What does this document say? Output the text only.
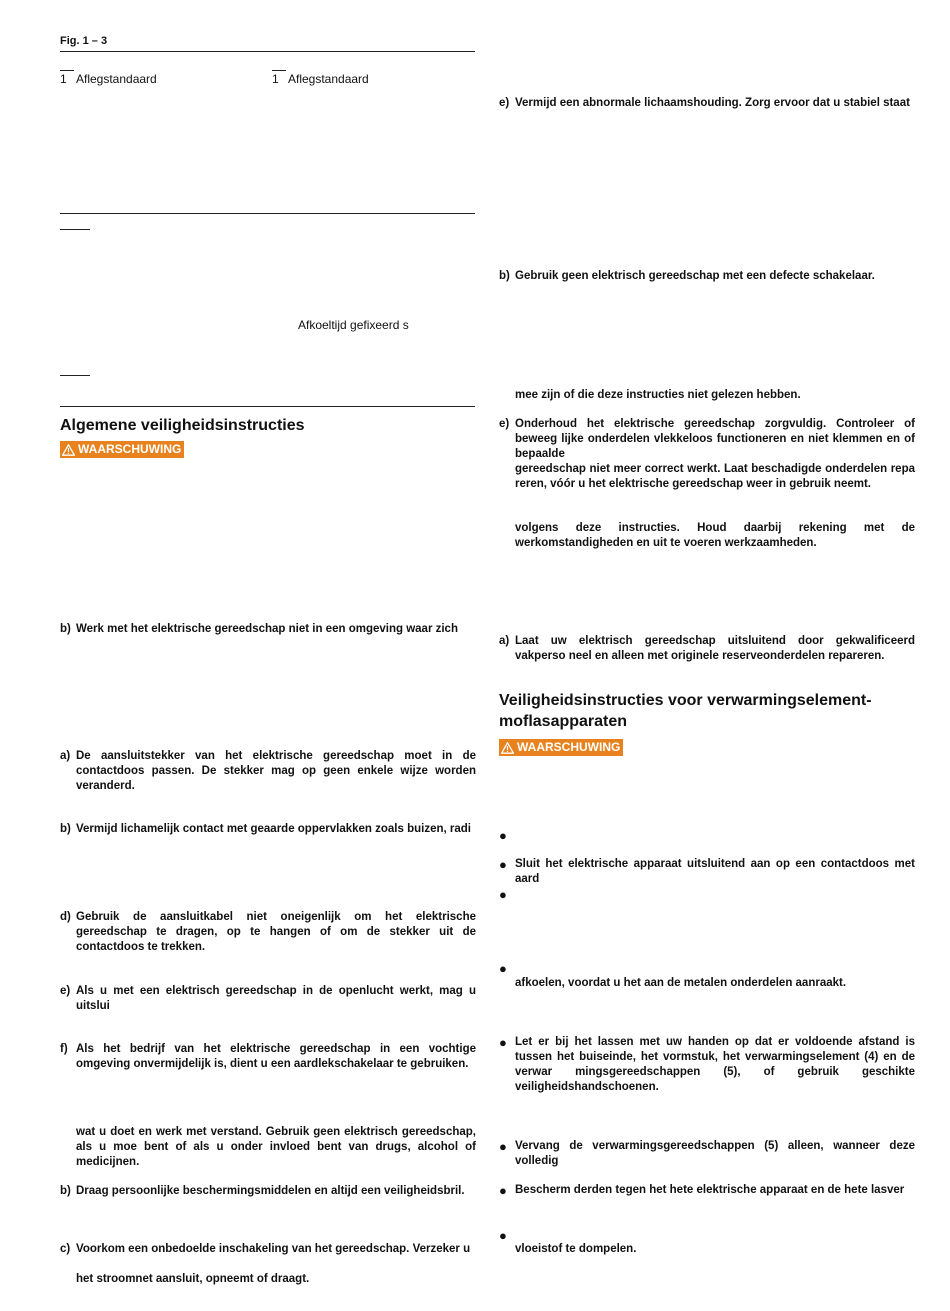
Fig. 1 – 3
1 Aflegstandaard	1 Aflegstandaard
Afkoeltijd gefixeerd s
Algemene veiligheidsinstructies
WAARSCHUWING
b) Werk met het elektrische gereedschap niet in een omgeving waar zich
a) De aansluitstekker van het elektrische gereedschap moet in de contactdoos passen. De stekker mag op geen enkele wijze worden veranderd.
b) Vermijd lichamelijk contact met geaarde oppervlakken zoals buizen, radi
d) Gebruik de aansluitkabel niet oneigenlijk om het elektrische gereedschap te dragen, op te hangen of om de stekker uit de contactdoos te trekken.
e) Als u met een elektrisch gereedschap in de openlucht werkt, mag u uitslui
f) Als het bedrijf van het elektrische gereedschap in een vochtige omgeving onvermijdelijk is, dient u een aardlekschakelaar te gebruiken.
wat u doet en werk met verstand. Gebruik geen elektrisch gereedschap, als u moe bent of als u onder invloed bent van drugs, alcohol of medicijnen.
b) Draag persoonlijke beschermingsmiddelen en altijd een veiligheidsbril.
c) Voorkom een onbedoelde inschakeling van het gereedschap. Verzeker u
het stroomnet aansluit, opneemt of draagt.
e) Vermijd een abnormale lichaamshouding. Zorg ervoor dat u stabiel staat
b) Gebruik geen elektrisch gereedschap met een defecte schakelaar.
mee zijn of die deze instructies niet gelezen hebben.
e) Onderhoud het elektrische gereedschap zorgvuldig. Controleer of beweeg lijke onderdelen vlekkeloos functioneren en niet klemmen en of bepaalde
gereedschap niet meer correct werkt. Laat beschadigde onderdelen repa reren, vóór u het elektrische gereedschap weer in gebruik neemt.
volgens deze instructies. Houd daarbij rekening met de werkomstandigheden en uit te voeren werkzaamheden.
a) Laat uw elektrisch gereedschap uitsluitend door gekwalificeerd vakperso neel en alleen met originele reserveonderdelen repareren.
Veiligheidsinstructies voor verwarmingselement-moflasapparaten
WAARSCHUWING
●
● Sluit het elektrische apparaat uitsluitend aan op een contactdoos met aard
●
●
afkoelen, voordat u het aan de metalen onderdelen aanraakt.
● Let er bij het lassen met uw handen op dat er voldoende afstand is tussen het buiseinde, het vormstuk, het verwarmingselement (4) en de verwar mingsgereedschappen (5), of gebruik geschikte veiligheidshandschoenen.
● Vervang de verwarmingsgereedschappen (5) alleen, wanneer deze volledig
● Bescherm derden tegen het hete elektrische apparaat en de hete lasver
●
vloeistof te dompelen.
